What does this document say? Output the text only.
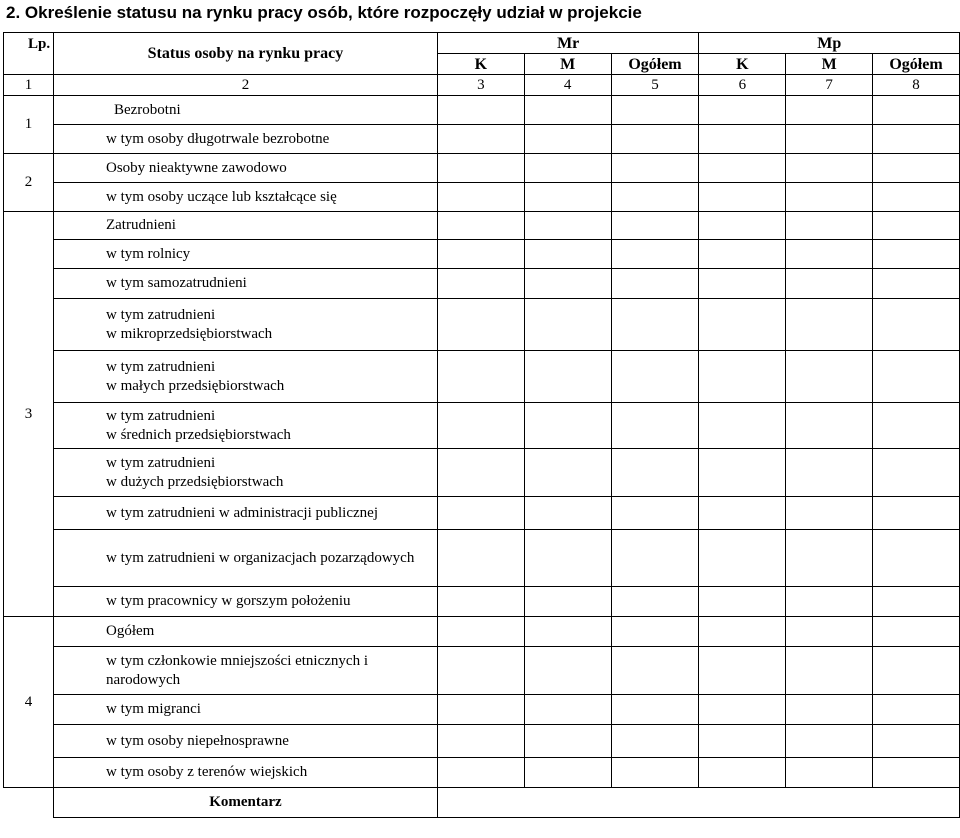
2. Określenie statusu na rynku pracy osób, które rozpoczęły udział w projekcie
Lp.	Status osoby na rynku pracy	Mr			Mp		
		K	M	Ogółem	K	M	Ogółem
1	2	3	4	5	6	7	8
1	Bezrobotni						

	w tym osoby długotrwale bezrobotne						

2	Osoby nieaktywne zawodowo						

	w tym osoby uczące lub kształcące się						

3	Zatrudnieni						

	w tym rolnicy						

	w tym samozatrudnieni						

	w tym zatrudnieni
w mikroprzedsiębiorstwach						

	w tym zatrudnieni
w małych przedsiębiorstwach						

	w tym zatrudnieni
w średnich przedsiębiorstwach						

	w tym zatrudnieni
w dużych przedsiębiorstwach						

	w tym zatrudnieni w administracji publicznej						

	w tym zatrudnieni w organizacjach pozarządowych						

	w tym pracownicy w gorszym położeniu						

4	Ogółem						

	w tym członkowie mniejszości etnicznych i
narodowych						

	w tym migranci						

	w tym osoby niepełnosprawne						

	w tym osoby z terenów wiejskich						

	Komentarz						
